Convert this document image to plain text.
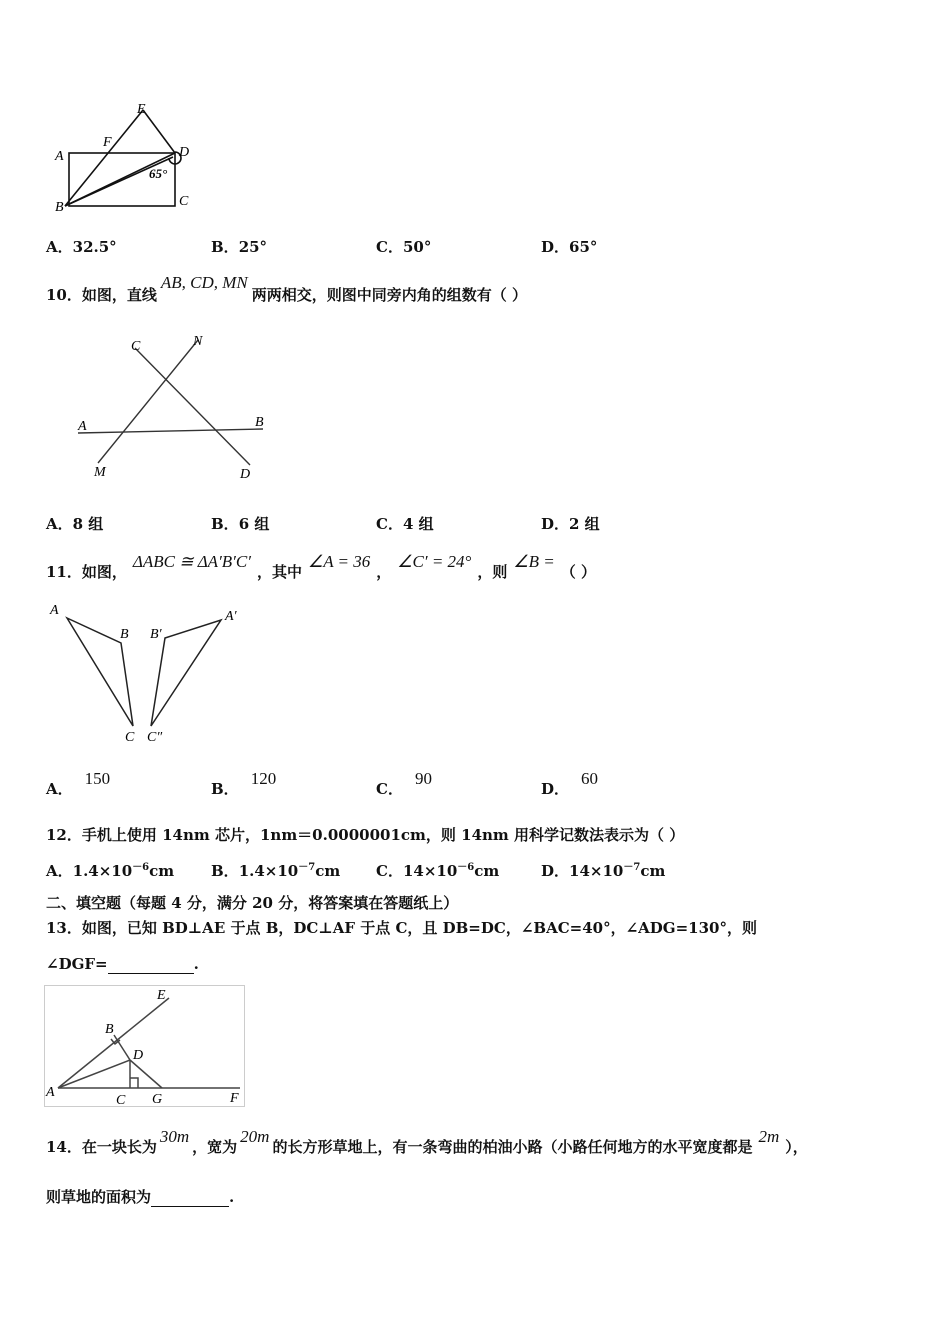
E
F
A	D
B	C
65°
A．32.5°	B．25°	C．50°	D．65°
10．如图，直线AB, CD, MN两两相交，则图中同旁内角的组数有（ ）
C	N
A	B
M	D
A．8 组	B．6 组	C．4 组	D．2 组
11．如图，ΔABC ≅ ΔA′B′C′，其中∠A = 36，∠C′ = 24°，则∠B =（ ）
A
B
C
B′
A′
C″
A．150
B．120
C．90
D．60
12．手机上使用 14nm 芯片，1nm＝0.0000001cm，则 14nm 用科学记数法表示为（ ）
A．$1.4\times 10^{-6}cm$ B．$1.4\times 10^{-7}cm$ C．$14\times 10^{-6}cm$	D．$14\times 10^{-7}cm$
二、填空题（每题 4 分，满分 20 分，将答案填在答题纸上）
13．如图，已知 BD⊥AE 于点 B，DC⊥AF 于点 C，且 DB=DC，∠BAC=40°，∠ADG=130°，则
∠DGF=	.
E
B
D
A
C G	F
14．在一块长为30m，宽为20m的长方形草地上，有一条弯曲的柏油小路（小路任何地方的水平宽度都是2m），
则草地的面积为	.
